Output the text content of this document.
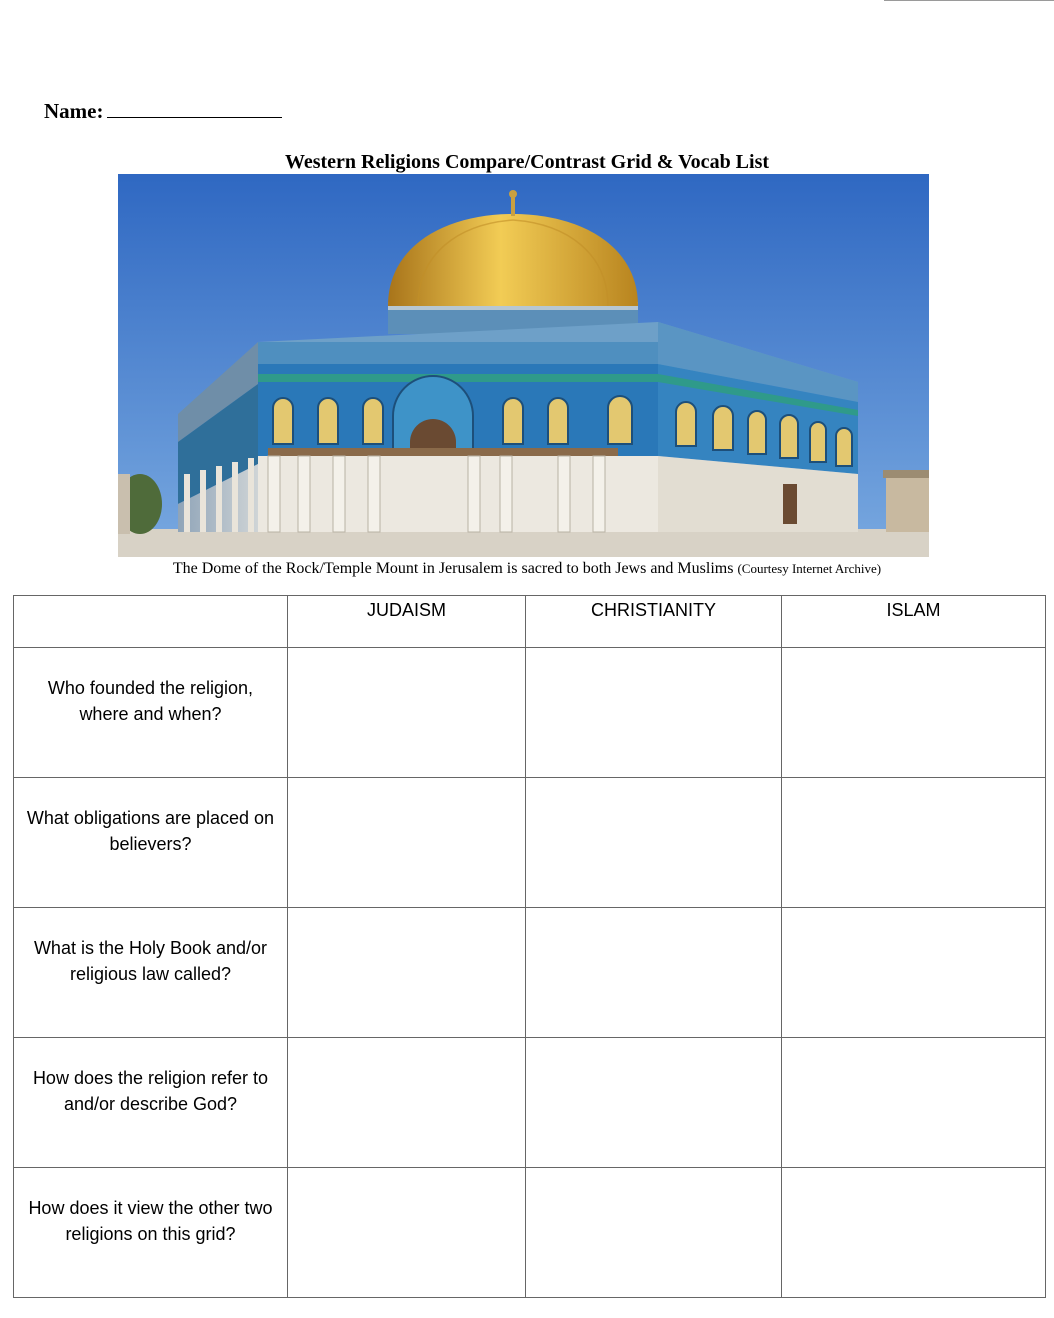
Name:
Western Religions Compare/Contrast Grid & Vocab List
The Dome of the Rock/Temple Mount in Jerusalem is sacred to both Jews and Muslims (Courtesy Internet Archive)
	JUDAISM	CHRISTIANITY	ISLAM
Who founded the religion, where and when?			
What obligations are placed on believers?			
What is the Holy Book and/or religious law called?			
How does the religion refer to and/or describe God?			
How does it view the other two religions on this grid?			
